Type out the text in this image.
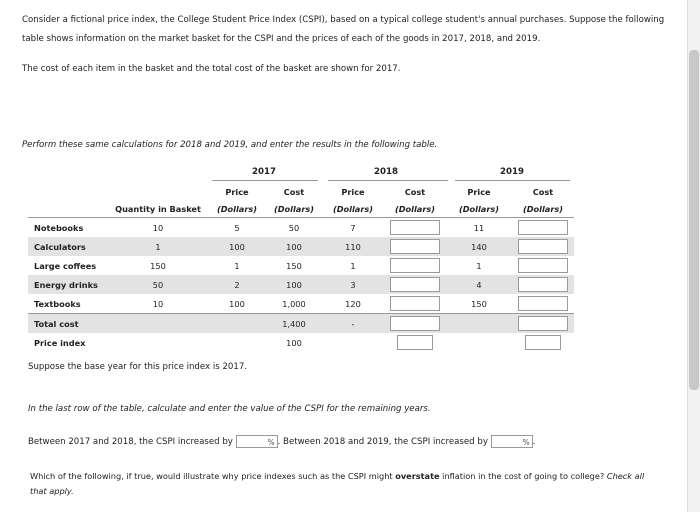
Consider a fictional price index, the College Student Price Index (CSPI), based on a typical college student's annual purchases. Suppose the following
table shows information on the market basket for the CSPI and the prices of each of the goods in 2017, 2018, and 2019.
The cost of each item in the basket and the total cost of the basket are shown for 2017.
Perform these same calculations for 2018 and 2019, and enter the results in the following table.
2017	2018	2019
		Price	Cost	Price	Cost	Price	Cost
	Quantity in Basket	(Dollars)	(Dollars)	(Dollars)	(Dollars)	(Dollars)	(Dollars)
Notebooks	10	5	50	7		11	
Calculators	1	100	100	110		140	
Large coffees	150	1	150	1		1	
Energy drinks	50	2	100	3		4	
Textbooks	10	100	1,000	120		150	
Total cost			1,400	-			
Price index			100				
Suppose the base year for this price index is 2017.
In the last row of the table, calculate and enter the value of the CSPI for the remaining years.
Between 2017 and 2018, the CSPI increased by	% . Between 2018 and 2019, the CSPI increased by	% .
Which of the following, if true, would illustrate why price indexes such as the CSPI might overstate inflation in the cost of going to college? Check all
that apply.
